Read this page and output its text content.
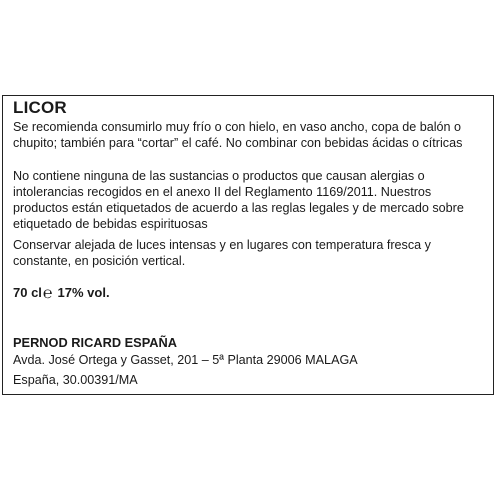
LICOR

Se recomienda consumirlo muy frío o con hielo, en vaso ancho, copa de balón o chupito; también para “cortar” el café. No combinar con bebidas ácidas o cítricas

No contiene ninguna de las sustancias o productos que causan alergias o intolerancias recogidos en el anexo II del Reglamento 1169/2011. Nuestros productos están etiquetados de acuerdo a las reglas legales y de mercado sobre etiquetado de bebidas espirituosas

Conservar alejada de luces intensas y en lugares con temperatura fresca y constante, en posición vertical.

70 cl℮ 17% vol.
PERNOD RICARD ESPAÑA
Avda. José Ortega y Gasset, 201 – 5ª Planta 29006 MALAGA
España, 30.00391/MA
